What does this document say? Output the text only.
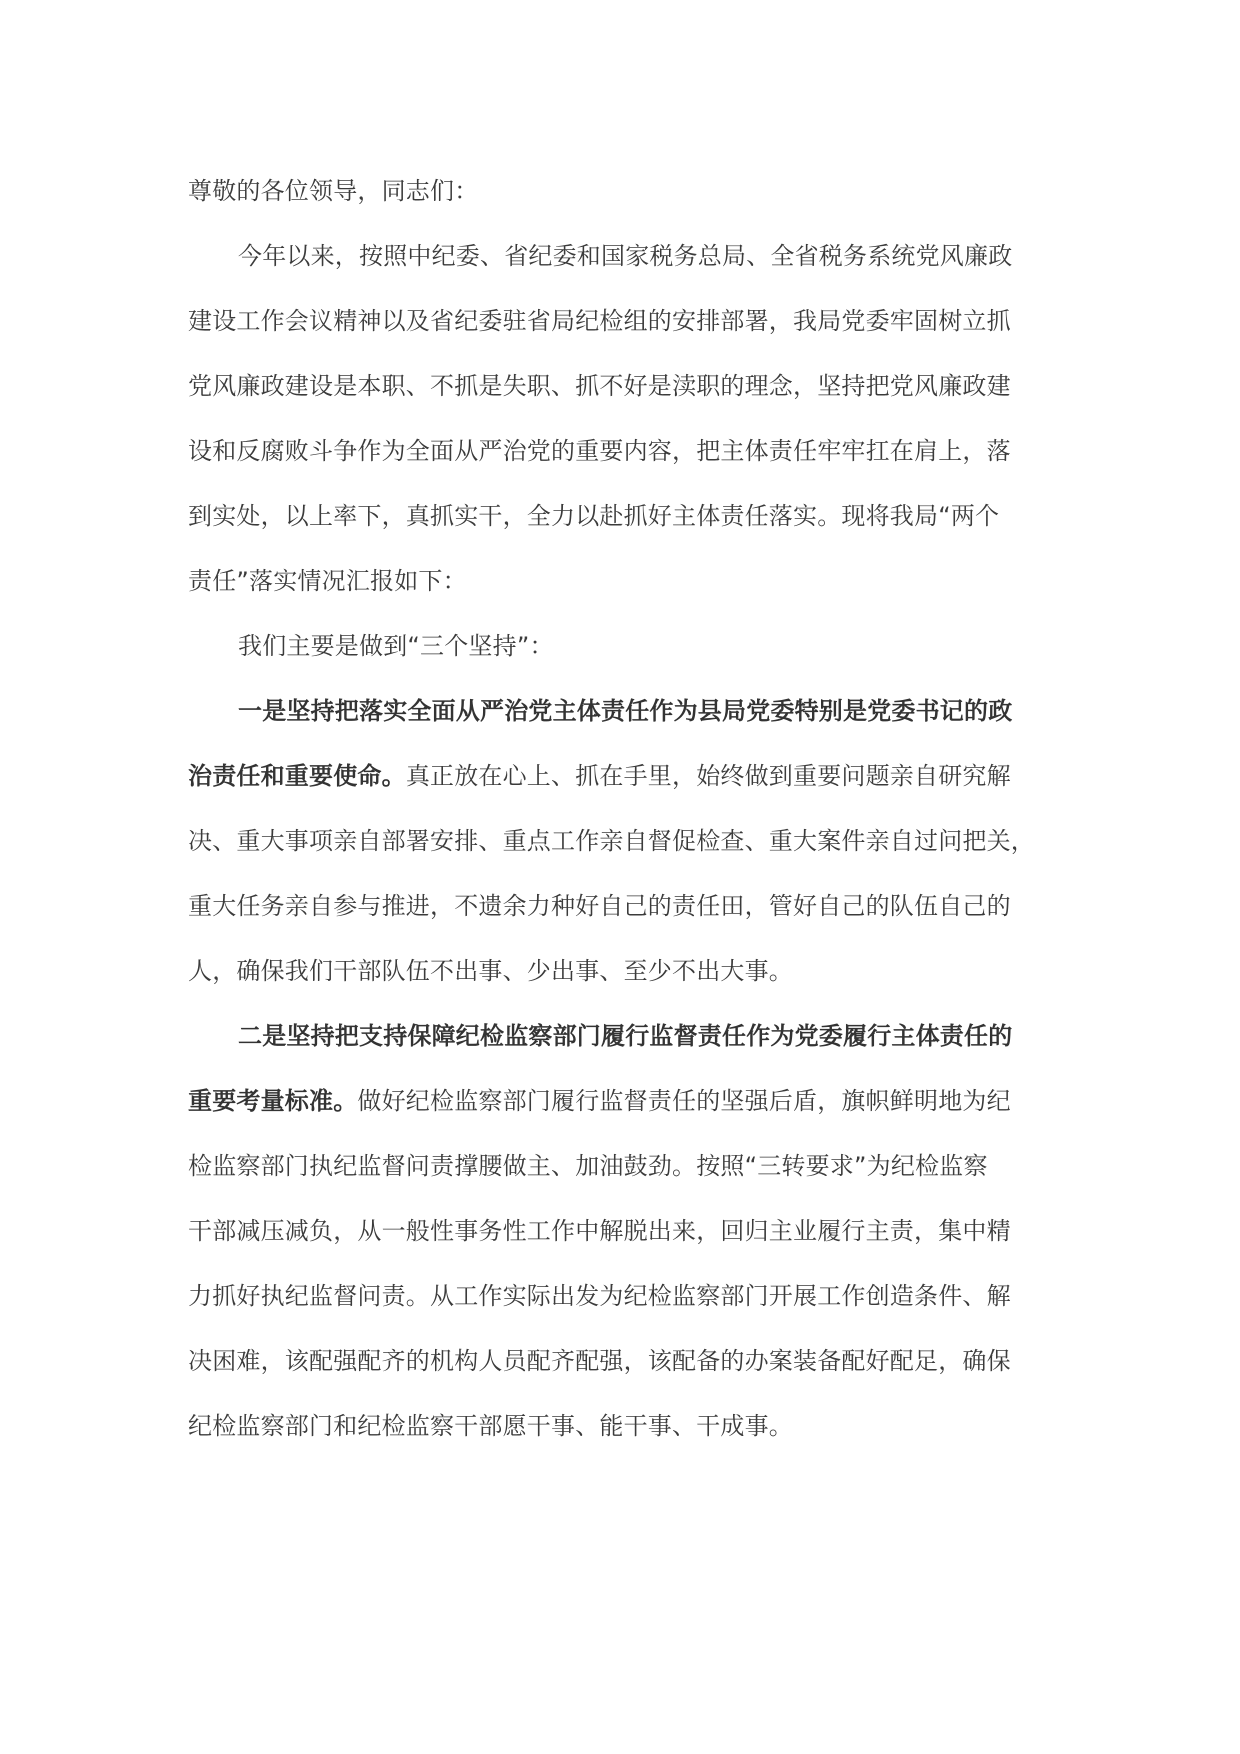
尊敬的各位领导，同志们：
今年以来，按照中纪委、省纪委和国家税务总局、全省税务系统党风廉政
建设工作会议精神以及省纪委驻省局纪检组的安排部署，我局党委牢固树立抓
党风廉政建设是本职、不抓是失职、抓不好是渎职的理念，坚持把党风廉政建
设和反腐败斗争作为全面从严治党的重要内容，把主体责任牢牢扛在肩上，落
到实处，以上率下，真抓实干，全力以赴抓好主体责任落实。现将我局“两个
责任”落实情况汇报如下：
我们主要是做到“三个坚持”：
一是坚持把落实全面从严治党主体责任作为县局党委特别是党委书记的政
治责任和重要使命。真正放在心上、抓在手里，始终做到重要问题亲自研究解
决、重大事项亲自部署安排、重点工作亲自督促检查、重大案件亲自过问把关，
重大任务亲自参与推进，不遗余力种好自己的责任田，管好自己的队伍自己的
人，确保我们干部队伍不出事、少出事、至少不出大事。
二是坚持把支持保障纪检监察部门履行监督责任作为党委履行主体责任的
重要考量标准。做好纪检监察部门履行监督责任的坚强后盾，旗帜鲜明地为纪
检监察部门执纪监督问责撑腰做主、加油鼓劲。按照“三转要求”为纪检监察
干部减压减负，从一般性事务性工作中解脱出来，回归主业履行主责，集中精
力抓好执纪监督问责。从工作实际出发为纪检监察部门开展工作创造条件、解
决困难，该配强配齐的机构人员配齐配强，该配备的办案装备配好配足，确保
纪检监察部门和纪检监察干部愿干事、能干事、干成事。
